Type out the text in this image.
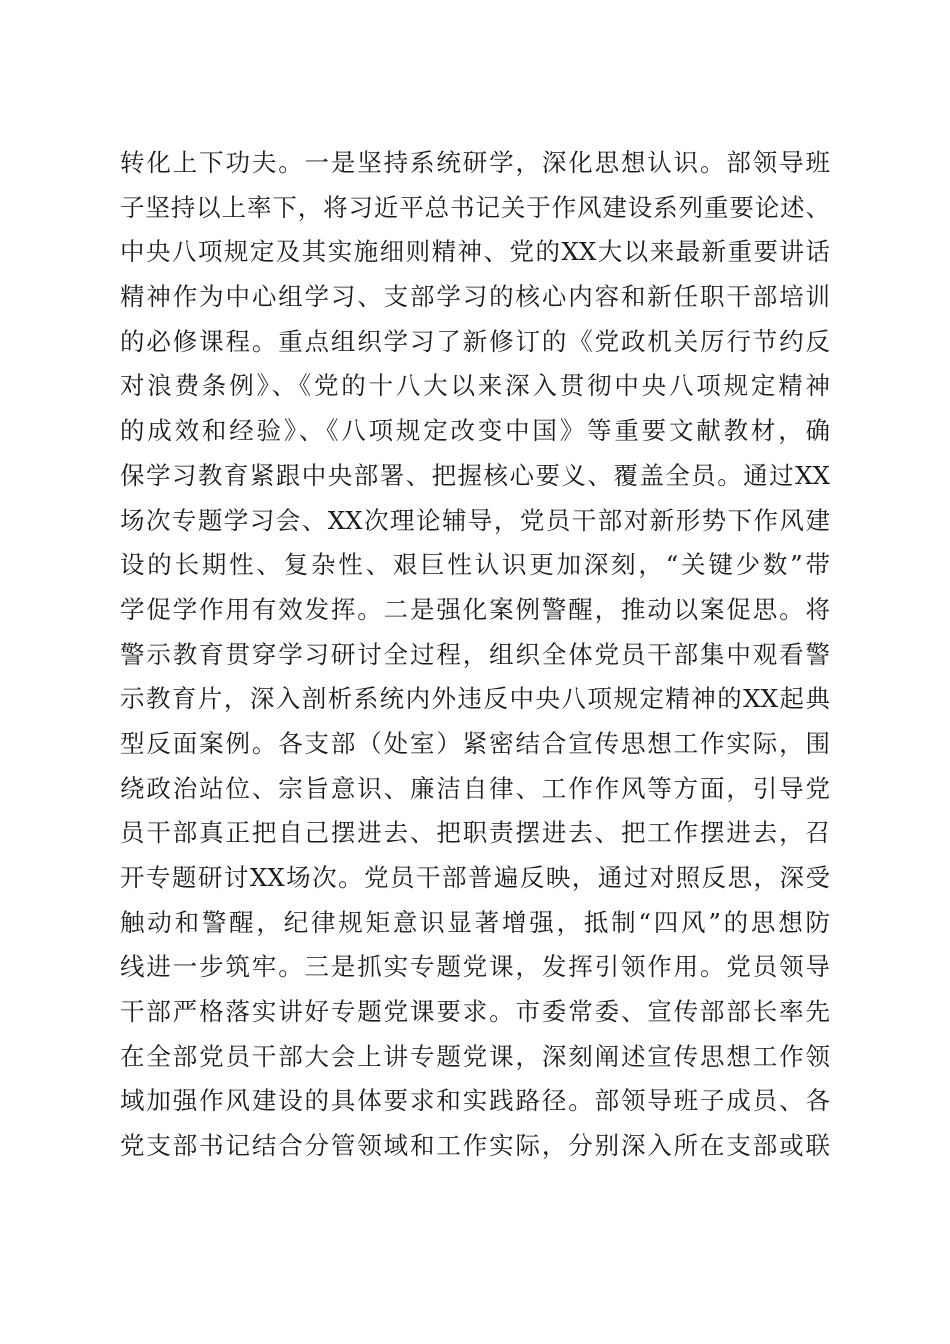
转化上下功夫。一是坚持系统研学，深化思想认识。部领导班
子坚持以上率下，将习近平总书记关于作风建设系列重要论述、
中央八项规定及其实施细则精神、党的XX大以来最新重要讲话
精神作为中心组学习、支部学习的核心内容和新任职干部培训
的必修课程。重点组织学习了新修订的《党政机关厉行节约反
对浪费条例》、《党的十八大以来深入贯彻中央八项规定精神
的成效和经验》、《八项规定改变中国》等重要文献教材，确
保学习教育紧跟中央部署、把握核心要义、覆盖全员。通过XX
场次专题学习会、XX次理论辅导，党员干部对新形势下作风建
设的长期性、复杂性、艰巨性认识更加深刻，“关键少数”带
学促学作用有效发挥。二是强化案例警醒，推动以案促思。将
警示教育贯穿学习研讨全过程，组织全体党员干部集中观看警
示教育片，深入剖析系统内外违反中央八项规定精神的XX起典
型反面案例。各支部（处室）紧密结合宣传思想工作实际，围
绕政治站位、宗旨意识、廉洁自律、工作作风等方面，引导党
员干部真正把自己摆进去、把职责摆进去、把工作摆进去，召
开专题研讨XX场次。党员干部普遍反映，通过对照反思，深受
触动和警醒，纪律规矩意识显著增强，抵制“四风”的思想防
线进一步筑牢。三是抓实专题党课，发挥引领作用。党员领导
干部严格落实讲好专题党课要求。市委常委、宣传部部长率先
在全部党员干部大会上讲专题党课，深刻阐述宣传思想工作领
域加强作风建设的具体要求和实践路径。部领导班子成员、各
党支部书记结合分管领域和工作实际，分别深入所在支部或联
